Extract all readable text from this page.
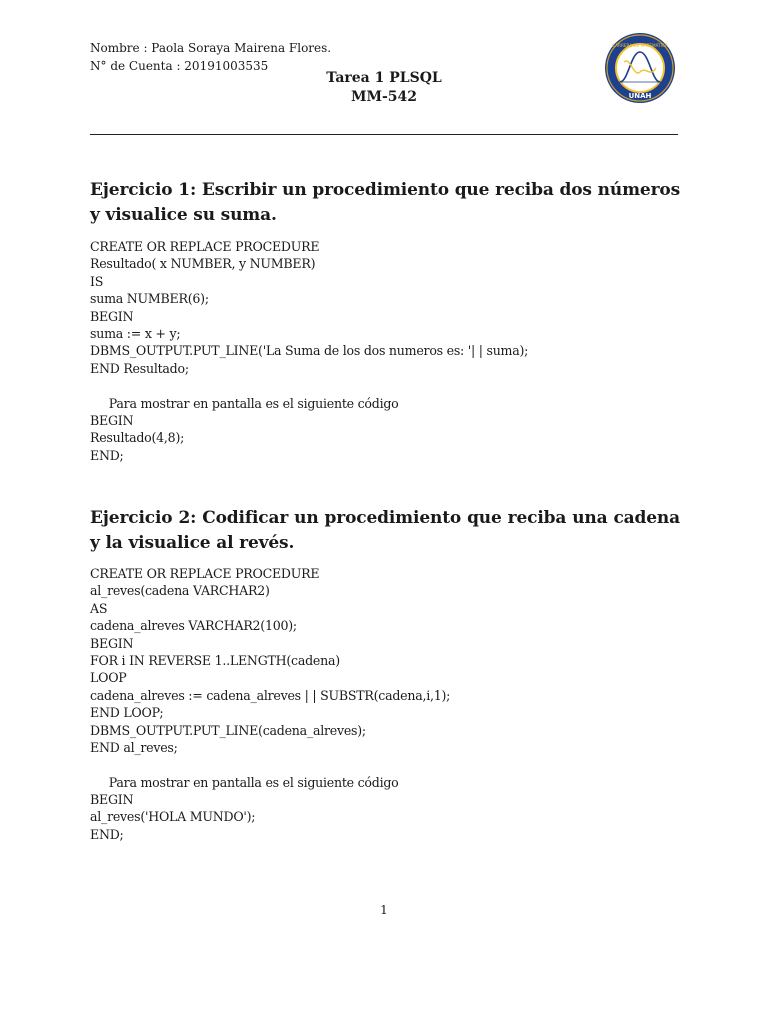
Nombre : Paola Soraya Mairena Flores.
N° de Cuenta : 20191003535
Tarea 1 PLSQL
MM-542
CARRERA DE MATEMÁTICA
UNAH
Ejercicio 1: Escribir un procedimiento que reciba dos números y visualice su suma.
CREATE OR REPLACE PROCEDURE
Resultado( x NUMBER, y NUMBER)
IS
suma NUMBER(6);
BEGIN
suma := x + y;
DBMS_OUTPUT.PUT_LINE('La Suma de los dos numeros es: '| | suma);
END Resultado;
Para mostrar en pantalla es el siguiente código
BEGIN
Resultado(4,8);
END;
Ejercicio 2: Codificar un procedimiento que reciba una cadena y la visualice al revés.
CREATE OR REPLACE PROCEDURE
al_reves(cadena VARCHAR2)
AS
cadena_alreves VARCHAR2(100);
BEGIN
FOR i IN REVERSE 1..LENGTH(cadena)
LOOP
cadena_alreves := cadena_alreves | | SUBSTR(cadena,i,1);
END LOOP;
DBMS_OUTPUT.PUT_LINE(cadena_alreves);
END al_reves;
Para mostrar en pantalla es el siguiente código
BEGIN
al_reves('HOLA MUNDO');
END;
1
